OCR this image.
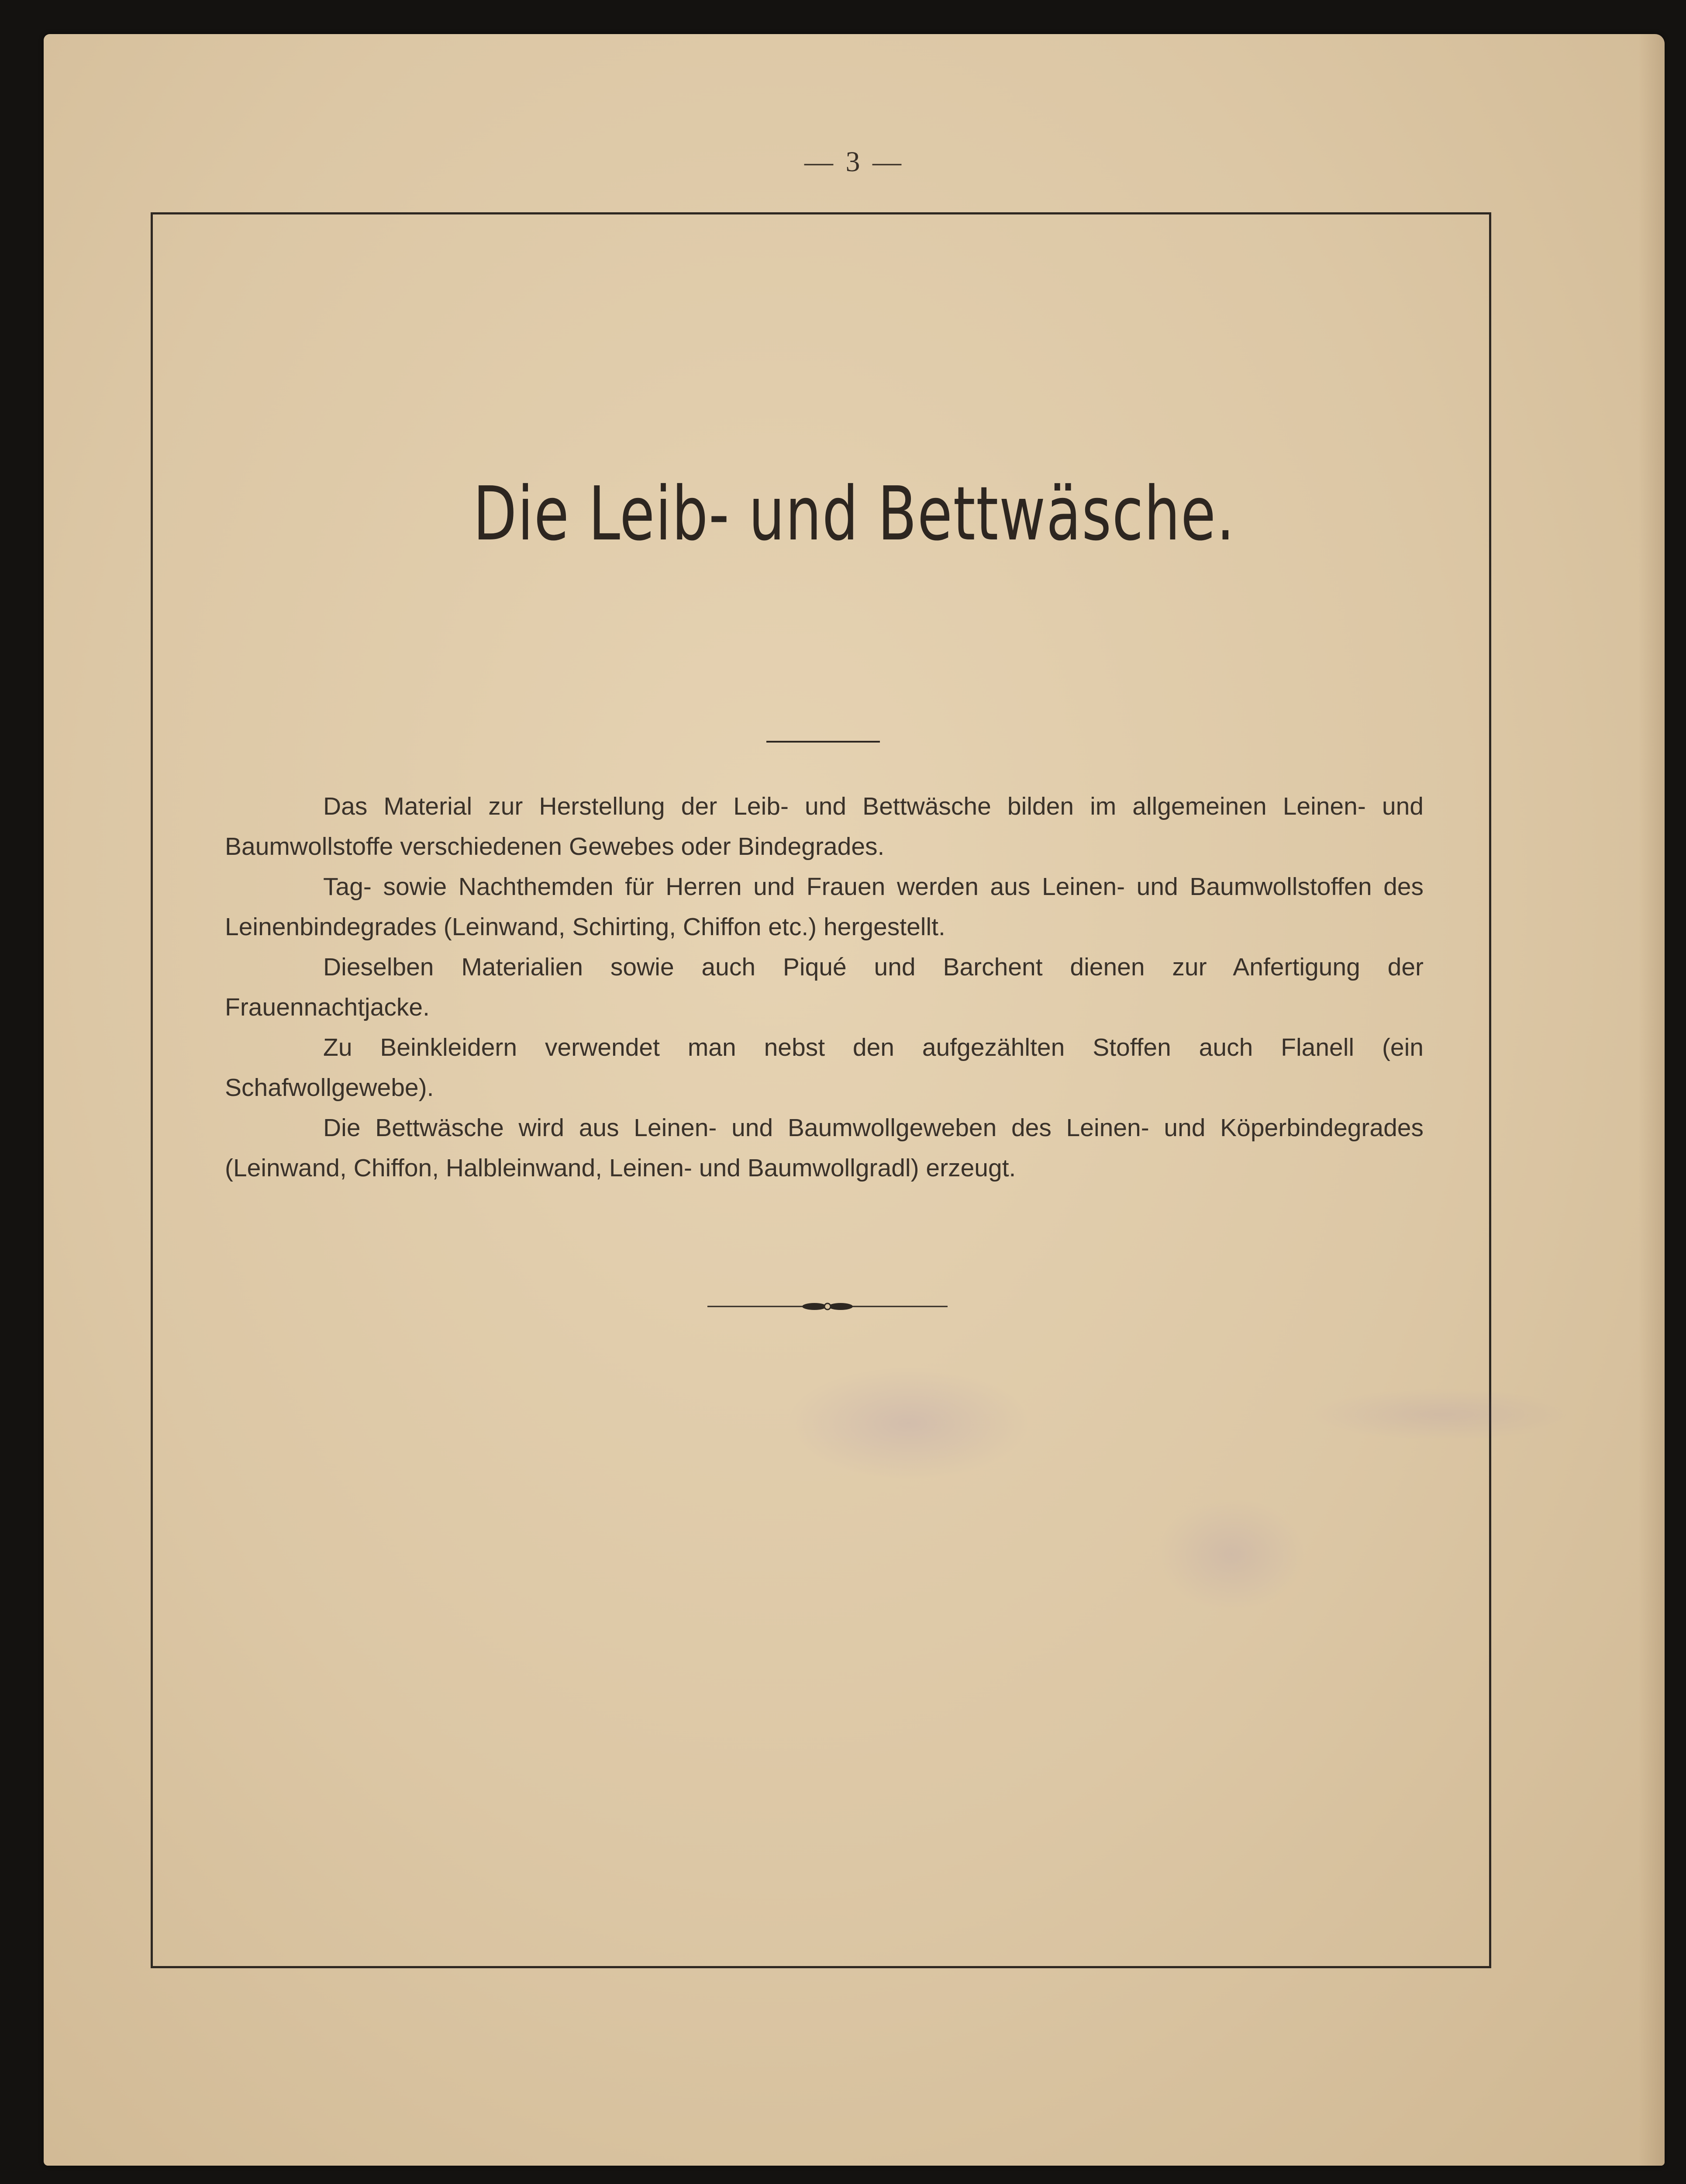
— 3 —
Die Leib- und Bettwäsche.

Das Material zur Herstellung der Leib- und Bettwäsche bilden im allgemeinen Leinen- und Baumwollstoffe verschiedenen Gewebes oder Bindegrades.

Tag- sowie Nachthemden für Herren und Frauen werden aus Leinen- und Baumwollstoffen des Leinenbindegrades (Leinwand, Schirting, Chiffon etc.) hergestellt.

Dieselben Materialien sowie auch Piqué und Barchent dienen zur Anfertigung der Frauennachtjacke.

Zu Beinkleidern verwendet man nebst den aufgezählten Stoffen auch Flanell (ein Schafwollgewebe).

Die Bettwäsche wird aus Leinen- und Baumwollgeweben des Leinen- und Köperbindegrades (Leinwand, Chiffon, Halbleinwand, Leinen- und Baumwollgradl) erzeugt.
